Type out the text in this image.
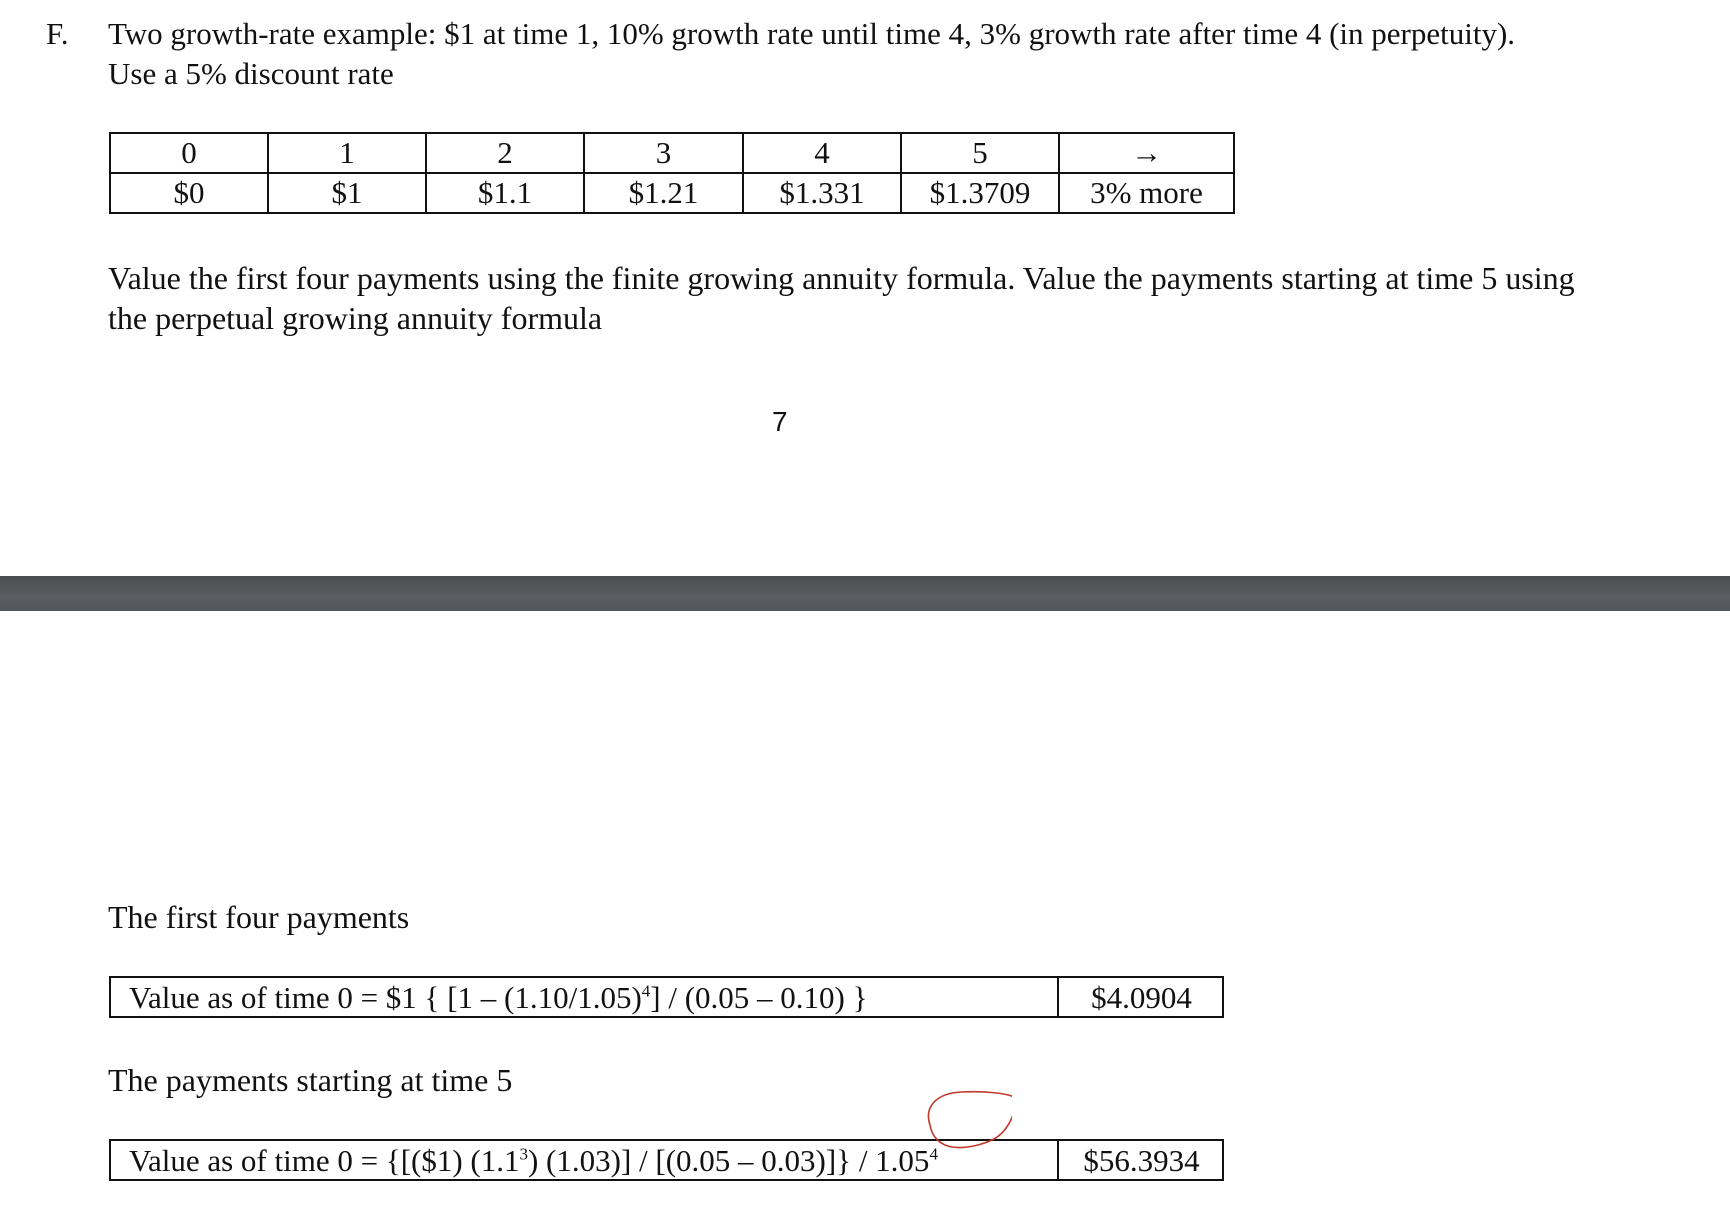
F. Two growth-rate example: $1 at time 1, 10% growth rate until time 4, 3% growth rate after time 4 (in perpetuity). Use a 5% discount rate
0	1	2	3	4	5	→
$0	$1	$1.1	$1.21	$1.331	$1.3709	3% more
Value the first four payments using the finite growing annuity formula. Value the payments starting at time 5 using the perpetual growing annuity formula
7
The first four payments
Value as of time 0 = $1 { $[1 - (1.10/1.05)^4] / (0.05 - 0.10)$ }	$4.0904
The payments starting at time 5
Value as of time 0 = {[($1) $(1.1^3)$ (1.03)] / [(0.05 – 0.03)]} / 1.05$^4$	$56.3934
